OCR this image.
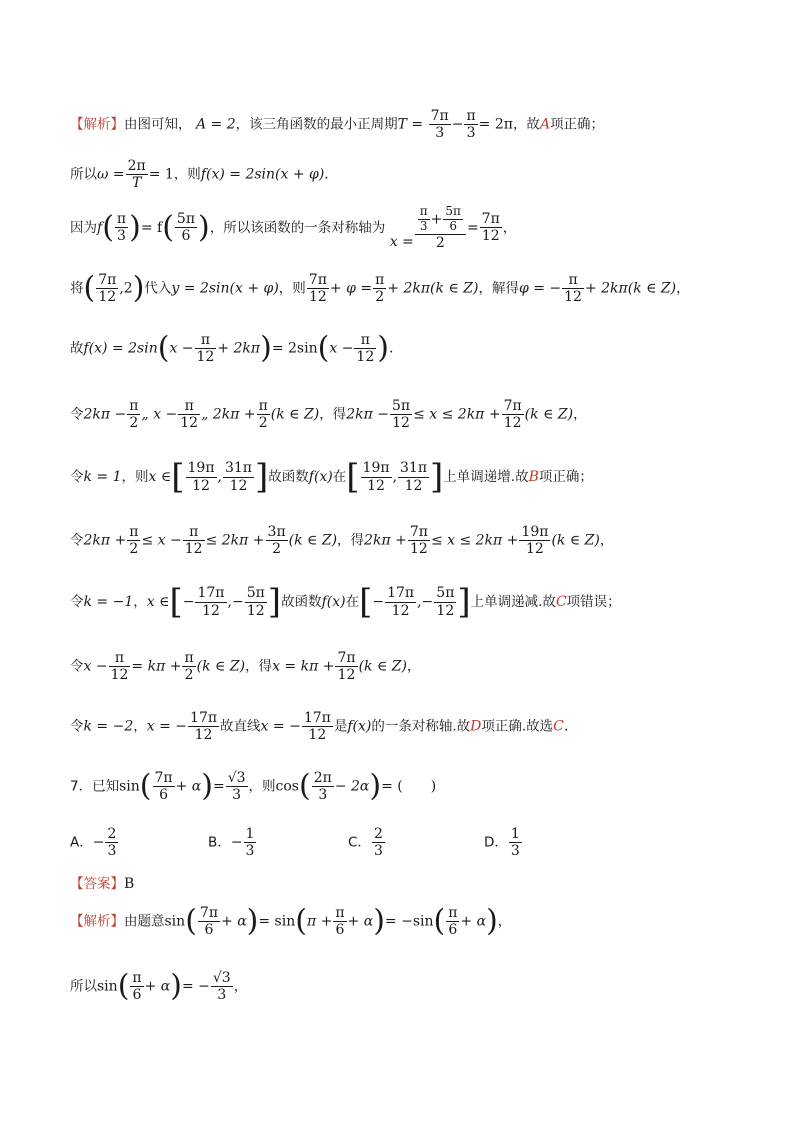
【解析】由图可知， A = 2，该三角函数的最小正周期$T = \frac{7\pi}{3} - \frac{\pi}{3} = 2\pi$，故A项正确；
所以$\omega = \frac{2\pi}{T} = 1$，则f(x) = 2sin(x + φ).
因为$f( \frac{\pi}{3}$ )= $f( \frac{5\pi}{6}$ )，所以该函数的一条对称轴为 $x = \frac{\frac{\pi}{3} + \frac{5\pi}{6}}{2} = \frac{7\pi}{12}$ ，
将( $\frac{7\pi}{12} ,2$)代入y = 2sin(x + φ)，则 $\frac{7\pi}{12} + \varphi = \frac{\pi}{2} + 2k\pi(k$ ∈ Z)，解得φ = − $\frac{\pi}{12} + 2k\pi(k$ ∈ Z)，
故$f(x) = 2\sin(x - \frac{\pi}{12} + 2k\pi)= 2\sin(x - \frac{\pi}{12}$ ).
令$2k\pi - \frac{\pi}{2}$ „ $x - \frac{\pi}{12}$ „ $2k\pi + \frac{\pi}{2} (k$ ∈ Z)，得$2k\pi - \frac{5\pi}{12} \le x \le 2k\pi + \frac{7\pi}{12} (k$ ∈ Z)，
令k = 1，则x ∈[ $\frac{19\pi}{12}$ , $\frac{31\pi}{12}$ ]故函数f(x)在[ $\frac{19\pi}{12}$ , $\frac{31\pi}{12}$ ]上单调递增.故B项正确；
令$2k\pi + \frac{\pi}{2} \le x - \frac{\pi}{12} \le 2k\pi + \frac{3\pi}{2} (k$ ∈ Z)，得$2k\pi + \frac{7\pi}{12} \le x \le 2k\pi + \frac{19\pi}{12} (k$ ∈ Z)，
令k = −1，x ∈[− $\frac{17\pi}{12}$ ,− $\frac{5\pi}{12}$ ]故函数f(x)在[− $\frac{17\pi}{12}$ ,− $\frac{5\pi}{12}$ ]上单调递减.故C项错误；
令$x - \frac{\pi}{12} = k\pi + \frac{\pi}{2} (k$ ∈ Z)，得$x = k\pi + \frac{7\pi}{12} (k$ ∈ Z)，
令k = −2，x = − $\frac{17\pi}{12}$ 故直线x = − $\frac{17\pi}{12}$ 是f(x)的一条对称轴.故D项正确.故选C.
7．已知$\sin( \frac{7\pi}{6} + \alpha)= \frac{√3}{3}$ ，则$\cos( \frac{2\pi}{3} - 2\alpha)=$ (　　)
A．− $\frac{2}{3}$	B．− $\frac{1}{3}$	C． $\frac{2}{3}$	D． $\frac{1}{3}$
【答案】B
【解析】由题意$\sin( \frac{7\pi}{6} + \alpha)= \sin(\pi + \frac{\pi}{6} + \alpha)= -\sin( \frac{\pi}{6} + \alpha)$，
所以$\sin( \frac{\pi}{6} + \alpha)= - \frac{√3}{3}$ ，
